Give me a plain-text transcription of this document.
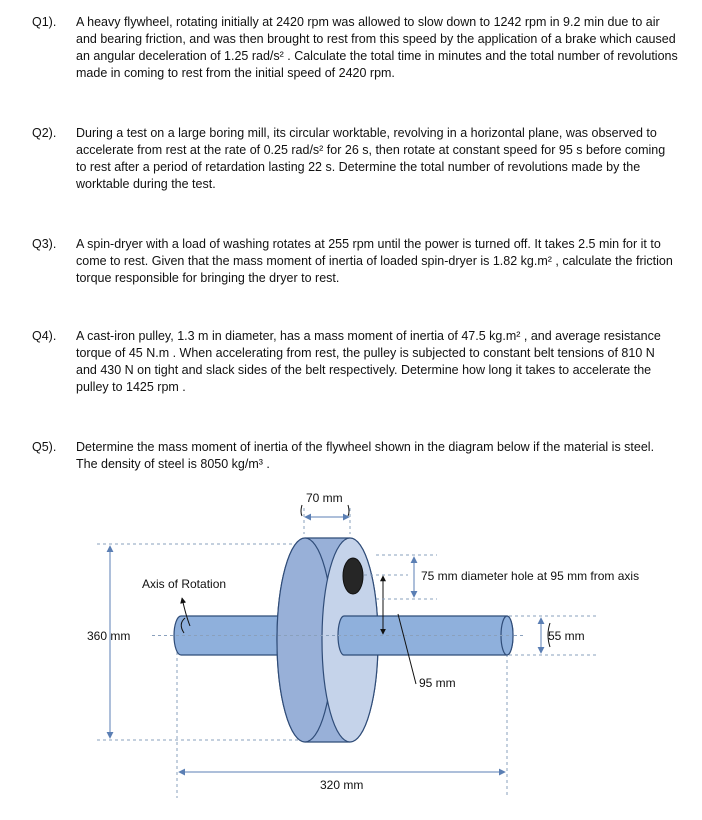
Q1).	A heavy flywheel, rotating initially at 2420 rpm was allowed to slow down to 1242 rpm in 9.2 min due to air and bearing friction, and was then brought to rest from this speed by the application of a brake which caused an angular deceleration of 1.25 rad/s² . Calculate the total time in minutes and the total number of revolutions made in coming to rest from the initial speed of 2420 rpm.
Q2).	During a test on a large boring mill, its circular worktable, revolving in a horizontal plane, was observed to accelerate from rest at the rate of 0.25 rad/s² for 26 s, then rotate at constant speed for 95 s before coming to rest after a period of retardation lasting 22 s. Determine the total number of revolutions made by the worktable during the test.
Q3).	A spin-dryer with a load of washing rotates at 255 rpm until the power is turned off. It takes 2.5 min for it to come to rest. Given that the mass moment of inertia of loaded spin-dryer is 1.82 kg.m² , calculate the friction torque responsible for bringing the dryer to rest.
Q4).	A cast-iron pulley, 1.3 m in diameter, has a mass moment of inertia of 47.5 kg.m² , and average resistance torque of 45 N.m . When accelerating from rest, the pulley is subjected to constant belt tensions of 810 N and 430 N on tight and slack sides of the belt respectively. Determine how long it takes to accelerate the pulley to 1425 rpm .
Q5).	Determine the mass moment of inertia of the flywheel shown in the diagram below if the material is steel. The density of steel is 8050 kg/m³ .
70 mm
360 mm
320 mm
95 mm
75 mm diameter hole at 95 mm from axis
55 mm
Axis of Rotation
